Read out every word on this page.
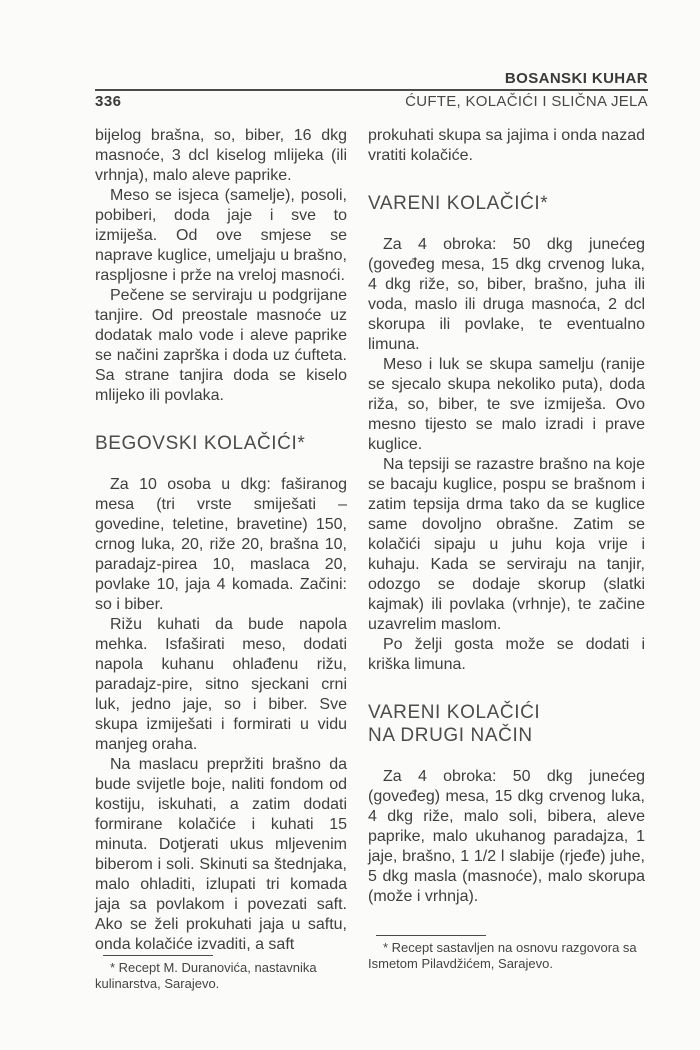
BOSANSKI KUHAR
336	ĆUFTE, KOLAČIĆI I SLIČNA JELA

bijelog brašna, so, biber, 16 dkg masnoće, 3 dcl kiselog mlijeka (ili vrhnja), malo aleve paprike.

Meso se isjeca (samelje), posoli, pobiberi, doda jaje i sve to izmiješa. Od ove smjese se naprave kuglice, umeljaju u brašno, raspljosne i prže na vreloj masnoći.

Pečene se serviraju u podgrijane tanjire. Od preostale masnoće uz dodatak malo vode i aleve paprike se načini zaprška i doda uz ćufteta. Sa strane tanjira doda se kiselo mlijeko ili povlaka.

BEGOVSKI KOLAČIĆI*

Za 10 osoba u dkg: faširanog mesa (tri vrste smiješati – govedine, teletine, bravetine) 150, crnog luka, 20, riže 20, brašna 10, paradajz-pirea 10, maslaca 20, povlake 10, jaja 4 komada. Začini: so i biber.

Rižu kuhati da bude napola mehka. Isfaširati meso, dodati napola kuhanu ohlađenu rižu, paradajz-pire, sitno sjeckani crni luk, jedno jaje, so i biber. Sve skupa izmiješati i formirati u vidu manjeg oraha.

Na maslacu prepržiti brašno da bude svijetle boje, naliti fondom od kostiju, iskuhati, a zatim dodati formirane kolačiće i kuhati 15 minuta. Dotjerati ukus mljevenim biberom i soli. Skinuti sa štednjaka, malo ohladiti, izlupati tri komada jaja sa povlakom i povezati saft. Ako se želi prokuhati jaja u saftu, onda kolačiće izvaditi, a saft

* Recept M. Duranovića, nastavnika kulinarstva, Sarajevo.

prokuhati skupa sa jajima i onda nazad vratiti kolačiće.

VARENI KOLAČIĆI*

Za 4 obroka: 50 dkg junećeg (goveđeg mesa, 15 dkg crvenog luka, 4 dkg riže, so, biber, brašno, juha ili voda, maslo ili druga masnoća, 2 dcl skorupa ili povlake, te eventualno limuna.

Meso i luk se skupa samelju (ranije se sjecalo skupa nekoliko puta), doda riža, so, biber, te sve izmiješa. Ovo mesno tijesto se malo izradi i prave kuglice.

Na tepsiji se razastre brašno na koje se bacaju kuglice, pospu se brašnom i zatim tepsija drma tako da se kuglice same dovoljno obrašne. Zatim se kolačići sipaju u juhu koja vrije i kuhaju. Kada se serviraju na tanjir, odozgo se dodaje skorup (slatki kajmak) ili povlaka (vrhnje), te začine uzavrelim maslom.

Po želji gosta može se dodati i kriška limuna.

VARENI KOLAČIĆI
NA DRUGI NAČIN

Za 4 obroka: 50 dkg junećeg (goveđeg) mesa, 15 dkg crvenog luka, 4 dkg riže, malo soli, bibera, aleve paprike, malo ukuhanog paradajza, 1 jaje, brašno, 1 1/2 l slabije (rjeđe) juhe, 5 dkg masla (masnoće), malo skorupa (može i vrhnja).

* Recept sastavljen na osnovu razgovora sa Ismetom Pilavdžićem, Sarajevo.
